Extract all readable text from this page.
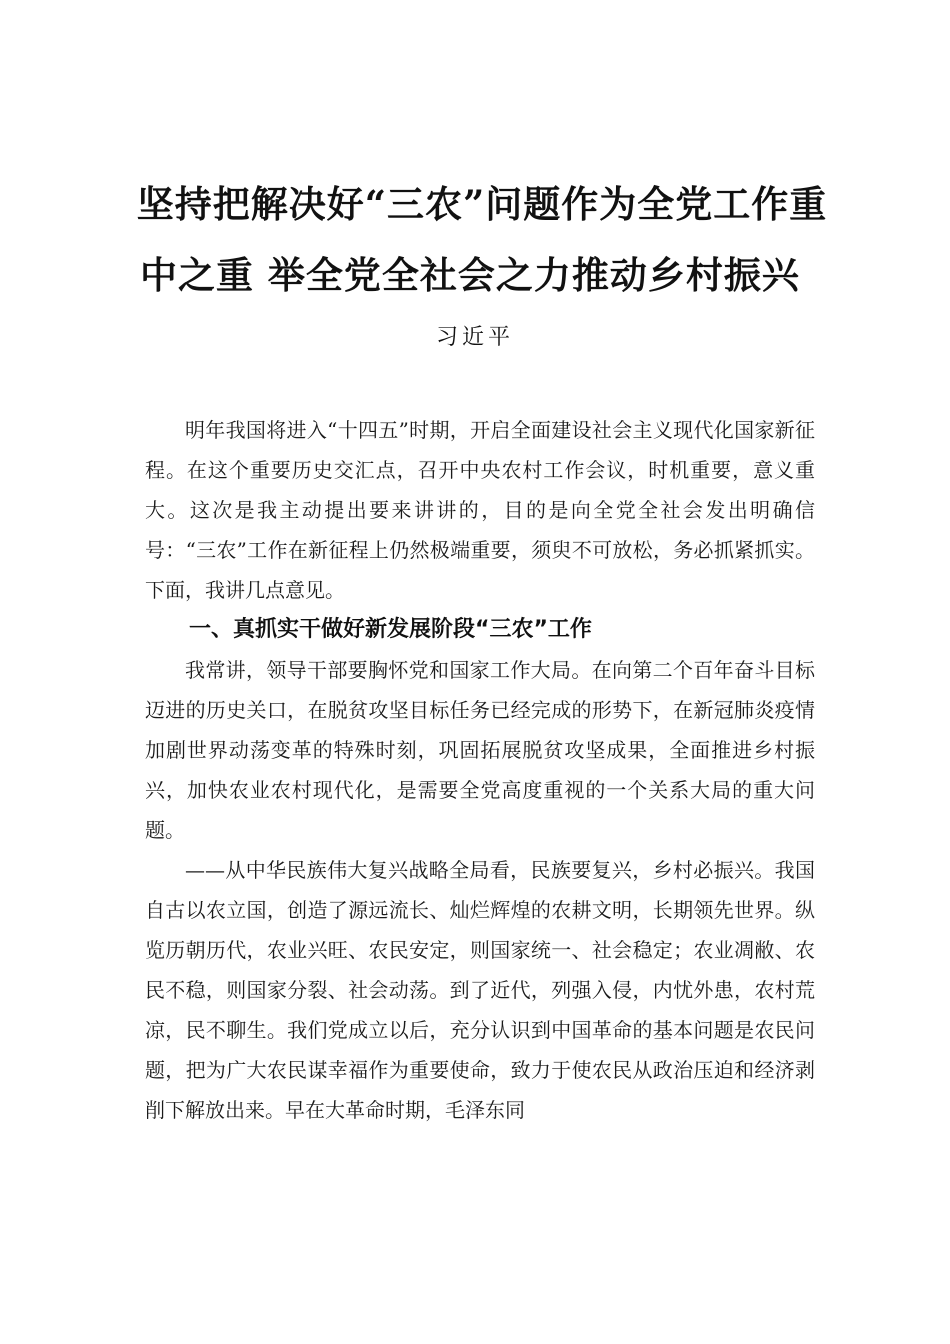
坚持把解决好“三农”问题作为全党工作重
中之重 举全党全社会之力推动乡村振兴
习近平

明年我国将进入“十四五”时期，开启全面建设社会主义现代化国家新征程。在这个重要历史交汇点，召开中央农村工作会议，时机重要，意义重大。这次是我主动提出要来讲讲的，目的是向全党全社会发出明确信号：“三农”工作在新征程上仍然极端重要，须臾不可放松，务必抓紧抓实。下面，我讲几点意见。

一、真抓实干做好新发展阶段“三农”工作

我常讲，领导干部要胸怀党和国家工作大局。在向第二个百年奋斗目标迈进的历史关口，在脱贫攻坚目标任务已经完成的形势下，在新冠肺炎疫情加剧世界动荡变革的特殊时刻，巩固拓展脱贫攻坚成果，全面推进乡村振兴，加快农业农村现代化，是需要全党高度重视的一个关系大局的重大问题。

——从中华民族伟大复兴战略全局看，民族要复兴，乡村必振兴。我国自古以农立国，创造了源远流长、灿烂辉煌的农耕文明，长期领先世界。纵览历朝历代，农业兴旺、农民安定，则国家统一、社会稳定；农业凋敝、农民不稳，则国家分裂、社会动荡。到了近代，列强入侵，内忧外患，农村荒凉，民不聊生。我们党成立以后，充分认识到中国革命的基本问题是农民问题，把为广大农民谋幸福作为重要使命，致力于使农民从政治压迫和经济剥削下解放出来。早在大革命时期，毛泽东同
